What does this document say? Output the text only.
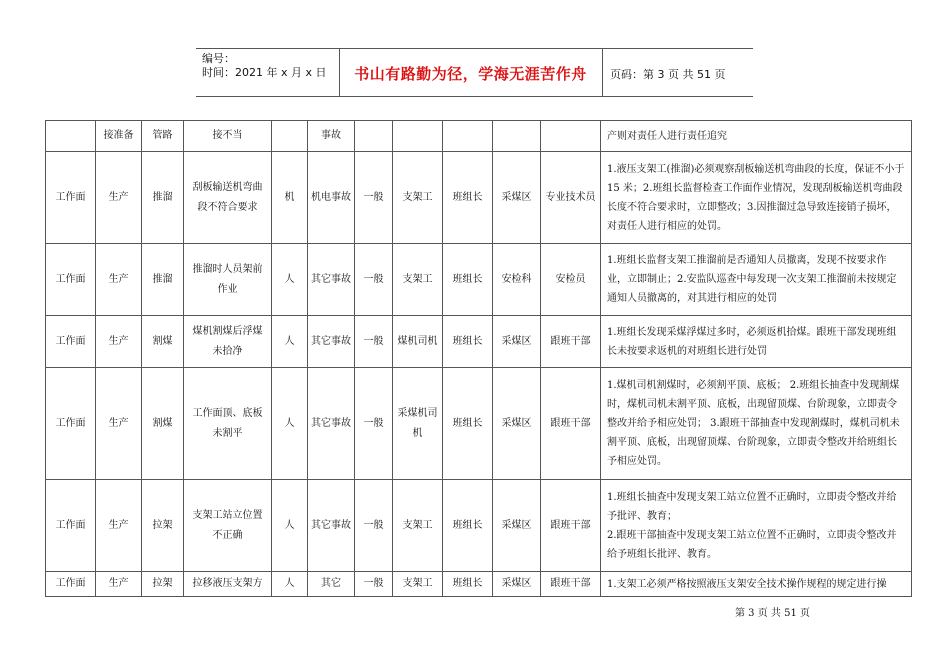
编号：
时间：2021 年 x 月 x 日	书山有路勤为径，学海无涯苦作舟	页码：第 3 页 共 51 页
	接准备	管路	接不当		事故						产则对责任人进行责任追究
工作面	生产	推溜	刮板输送机弯曲段不符合要求	机	机电事故	一般	支架工	班组长	采煤区	专业技术员	1.液压支架工(推溜)必须观察刮板输送机弯曲段的长度，保证不小于 15 米；2.班组长监督检查工作面作业情况，发现刮板输送机弯曲段长度不符合要求时，立即整改；3.因推溜过急导致连接销子损坏，对责任人进行相应的处罚。
工作面	生产	推溜	推溜时人员架前作业	人	其它事故	一般	支架工	班组长	安检科	安检员	1.班组长监督支架工推溜前是否通知人员撤离，发现不按要求作业，立即制止；2.安监队巡查中每发现一次支架工推溜前未按规定通知人员撤离的，对其进行相应的处罚
工作面	生产	割煤	煤机割煤后浮煤未拾净	人	其它事故	一般	煤机司机	班组长	采煤区	跟班干部	1.班组长发现采煤浮煤过多时，必须返机拾煤。跟班干部发现班组长未按要求返机的对班组长进行处罚
工作面	生产	割煤	工作面顶、底板未割平	人	其它事故	一般	采煤机司机	班组长	采煤区	跟班干部	1.煤机司机割煤时，必须割平顶、底板； 2.班组长抽查中发现割煤时，煤机司机未割平顶、底板，出现留顶煤、台阶现象，立即责令整改并给予相应处罚； 3.跟班干部抽查中发现割煤时，煤机司机未割平顶、底板，出现留顶煤、台阶现象，立即责令整改并给班组长予相应处罚。
工作面	生产	拉架	支架工站立位置不正确	人	其它事故	一般	支架工	班组长	采煤区	跟班干部	1.班组长抽查中发现支架工站立位置不正确时，立即责令整改并给予批评、教育；
2.跟班干部抽查中发现支架工站立位置不正确时，立即责令整改并给予班组长批评、教育。
工作面	生产	拉架	拉移液压支架方	人	其它	一般	支架工	班组长	采煤区	跟班干部	1.支架工必须严格按照液压支架安全技术操作规程的规定进行操
第 3 页 共 51 页
